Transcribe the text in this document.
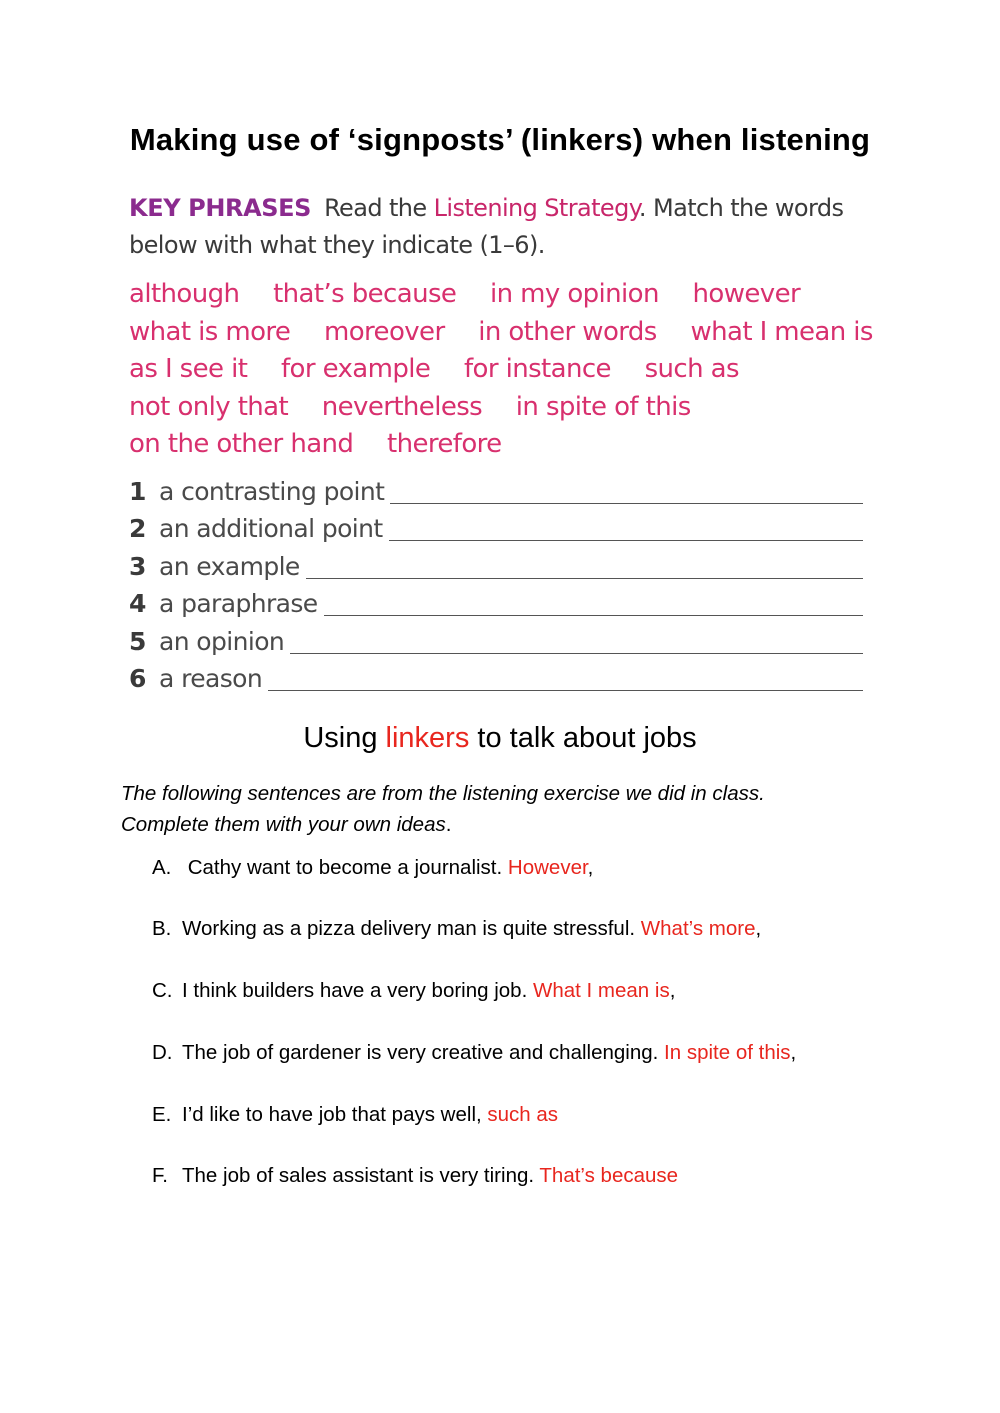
Making use of ‘signposts’ (linkers) when listening
KEY PHRASES Read the Listening Strategy. Match the words below with what they indicate (1–6).
although that’s because in my opinion however
what is more moreover in other words what I mean is
as I see it for example for instance such as
not only that nevertheless in spite of this
on the other hand therefore
1 a contrasting point
2 an additional point
3 an example
4 a paraphrase
5 an opinion
6 a reason
Using linkers to talk about jobs
The following sentences are from the listening exercise we did in class.
Complete them with your own ideas.
A. Cathy want to become a journalist. However,
B. Working as a pizza delivery man is quite stressful. What’s more,
C. I think builders have a very boring job. What I mean is,
D. The job of gardener is very creative and challenging. In spite of this,
E. I’d like to have job that pays well, such as
F. The job of sales assistant is very tiring. That’s because
